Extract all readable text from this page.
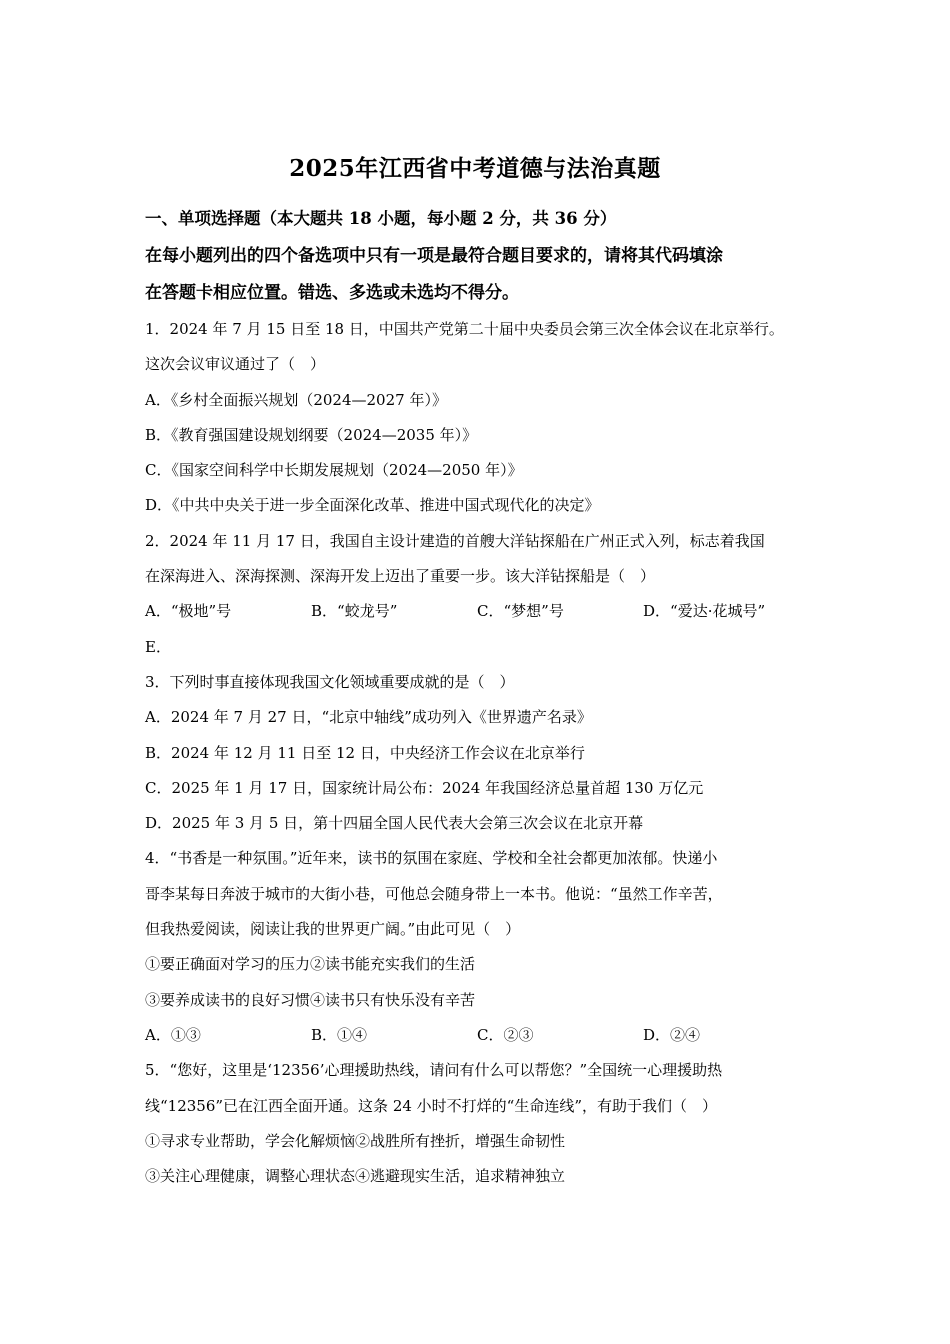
2025年江西省中考道德与法治真题
一、单项选择题（本大题共 18 小题，每小题 2 分，共 36 分）
在每小题列出的四个备选项中只有一项是最符合题目要求的，请将其代码填涂
在答题卡相应位置。错选、多选或未选均不得分。
1．2024 年 7 月 15 日至 18 日，中国共产党第二十届中央委员会第三次全体会议在北京举行。
这次会议审议通过了（　）
A．《乡村全面振兴规划（2024—2027 年）》
B．《教育强国建设规划纲要（2024—2035 年）》
C．《国家空间科学中长期发展规划（2024—2050 年）》
D．《中共中央关于进一步全面深化改革、推进中国式现代化的决定》
2．2024 年 11 月 17 日，我国自主设计建造的首艘大洋钻探船在广州正式入列，标志着我国
在深海进入、深海探测、深海开发上迈出了重要一步。该大洋钻探船是（　）
A．“极地”号	B．“蛟龙号”	C．“梦想”号	D．“爱达·花城号”
E．
3．下列时事直接体现我国文化领域重要成就的是（　）
A．2024 年 7 月 27 日，“北京中轴线”成功列入《世界遗产名录》
B．2024 年 12 月 11 日至 12 日，中央经济工作会议在北京举行
C．2025 年 1 月 17 日，国家统计局公布：2024 年我国经济总量首超 130 万亿元
D．2025 年 3 月 5 日，第十四届全国人民代表大会第三次会议在北京开幕
4．“书香是一种氛围。”近年来，读书的氛围在家庭、学校和全社会都更加浓郁。快递小
哥李某每日奔波于城市的大街小巷，可他总会随身带上一本书。他说：“虽然工作辛苦，
但我热爱阅读，阅读让我的世界更广阔。”由此可见（　）
①要正确面对学习的压力②读书能充实我们的生活
③要养成读书的良好习惯④读书只有快乐没有辛苦
A．①③	B．①④	C．②③	D．②④
5．“您好，这里是‘12356’心理援助热线，请问有什么可以帮您？”全国统一心理援助热
线“12356”已在江西全面开通。这条 24 小时不打烊的“生命连线”，有助于我们（　）
①寻求专业帮助，学会化解烦恼②战胜所有挫折，增强生命韧性
③关注心理健康，调整心理状态④逃避现实生活，追求精神独立
